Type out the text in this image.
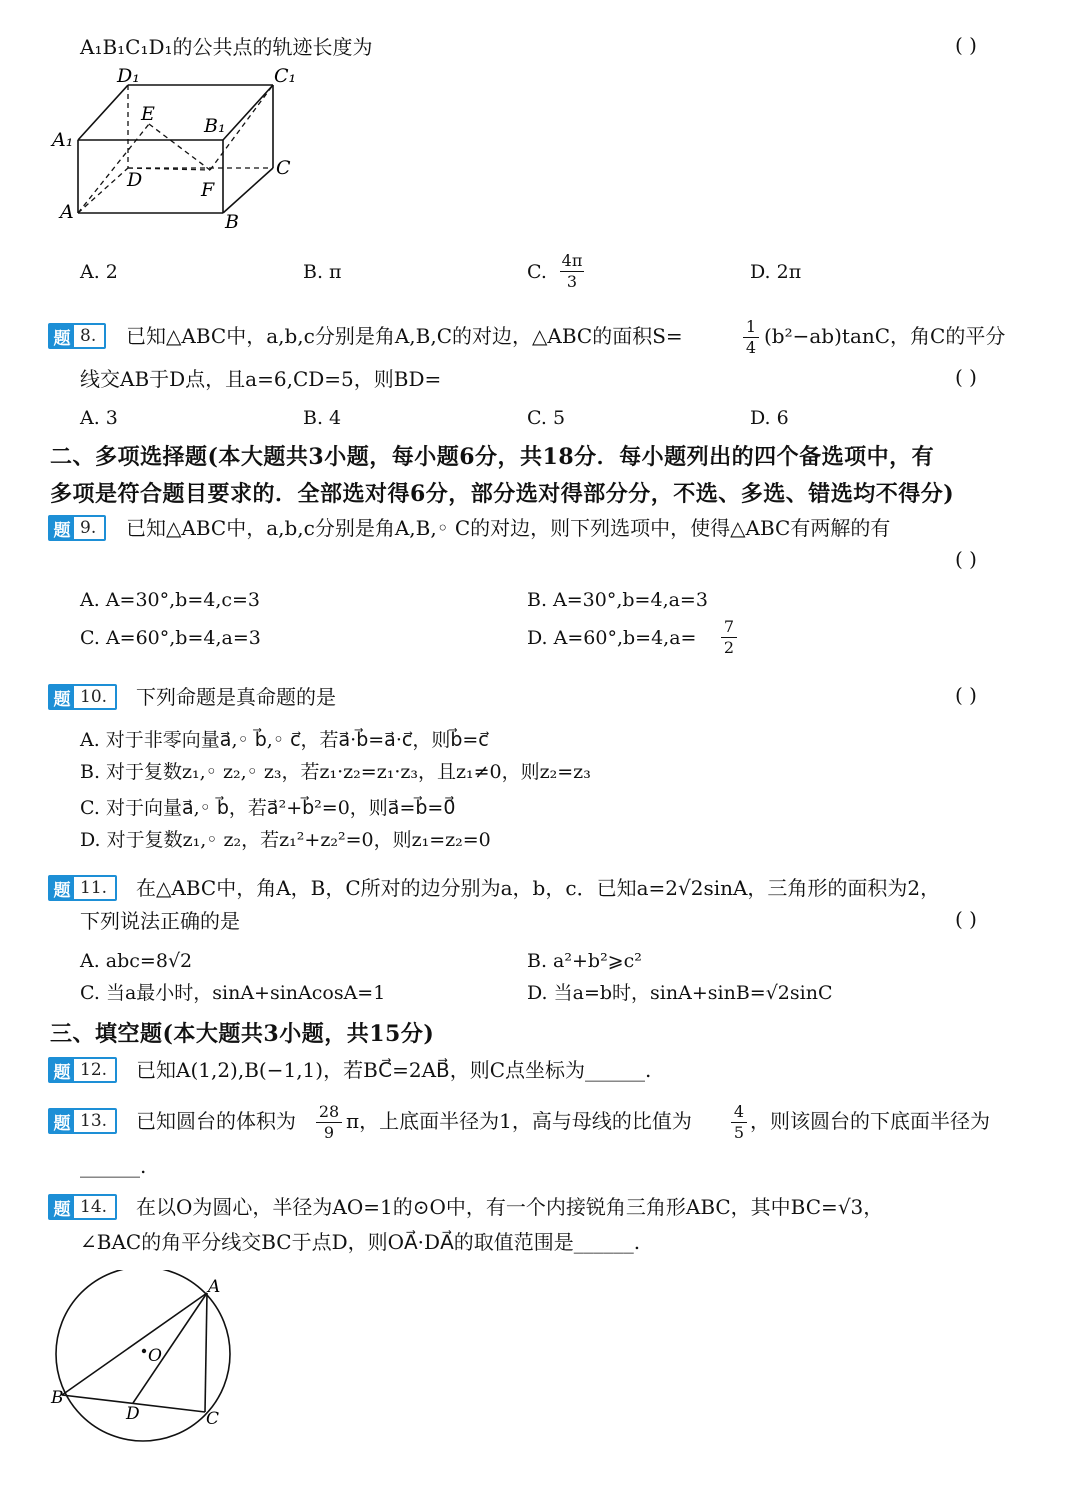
A₁B₁C₁D₁的公共点的轨迹长度为	( )
D₁	C₁
E
B₁
A₁
C
D	F
A	B
A. 2	B. π	C.
4π
3	D. 2π
题 8.	已知△ABC中，a,b,c分别是角A,B,C的对边，△ABC的面积S=	1
4 (b²−ab)tanC，角C的平分
线交AB于D点，且a=6,CD=5，则BD=	( )
A. 3	B. 4	C. 5	D. 6
二、多项选择题(本大题共3小题，每小题6分，共18分．每小题列出的四个备选项中，有
多项是符合题目要求的．全部选对得6分，部分选对得部分分，不选、多选、错选均不得分)
题 9.	已知△ABC中，a,b,c分别是角A,B,◦ C的对边，则下列选项中，使得△ABC有两解的有
( )
A. A=30°,b=4,c=3	B. A=30°,b=4,a=3
C. A=60°,b=4,a=3	D. A=60°,b=4,a=
7
2
题 10.	下列命题是真命题的是	( )
A. 对于非零向量a⃗,◦ b⃗,◦ c⃗，若a⃗·b⃗=a⃗·c⃗，则b⃗=c⃗
B. 对于复数z₁,◦ z₂,◦ z₃，若z₁·z₂=z₁·z₃，且z₁≠0，则z₂=z₃
C. 对于向量a⃗,◦ b⃗，若a⃗²+b⃗²=0，则a⃗=b⃗=0⃗
D. 对于复数z₁,◦ z₂，若z₁²+z₂²=0，则z₁=z₂=0
题 11.	在△ABC中，角A，B，C所对的边分别为a，b，c．已知a=2√2sinA，三角形的面积为2，
下列说法正确的是	( )
A. abc=8√2	B. a²+b²⩾c²
C. 当a最小时，sinA+sinAcosA=1	D. 当a=b时，sinA+sinB=√2sinC
三、填空题(本大题共3小题，共15分)
题 12.	已知A(1,2),B(−1,1)，若BC⃗=2AB⃗，则C点坐标为______.
题 13.	已知圆台的体积为 28
9 π，上底面半径为1，高与母线的比值为	4
5 ，则该圆台的下底面半径为
______.
题 14.	在以O为圆心，半径为AO=1的⊙O中，有一个内接锐角三角形ABC，其中BC=√3，
∠BAC的角平分线交BC于点D，则OA⃗·DA⃗的取值范围是______.
A
O
B
D	C
